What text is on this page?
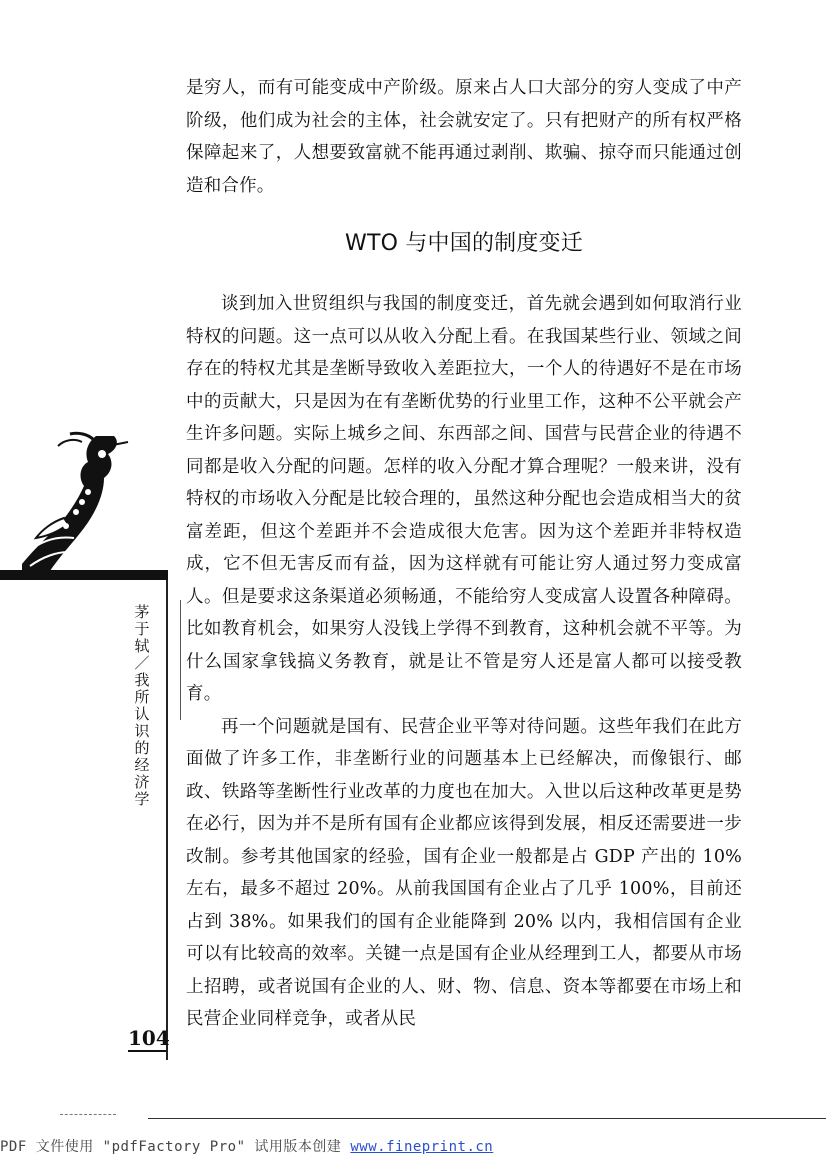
是穷人，而有可能变成中产阶级。原来占人口大部分的穷人变成了中产阶级，他们成为社会的主体，社会就安定了。只有把财产的所有权严格保障起来了，人想要致富就不能再通过剥削、欺骗、掠夺而只能通过创造和合作。

WTO 与中国的制度变迁

谈到加入世贸组织与我国的制度变迁，首先就会遇到如何取消行业特权的问题。这一点可以从收入分配上看。在我国某些行业、领域之间存在的特权尤其是垄断导致收入差距拉大，一个人的待遇好不是在市场中的贡献大，只是因为在有垄断优势的行业里工作，这种不公平就会产生许多问题。实际上城乡之间、东西部之间、国营与民营企业的待遇不同都是收入分配的问题。怎样的收入分配才算合理呢？一般来讲，没有特权的市场收入分配是比较合理的，虽然这种分配也会造成相当大的贫富差距，但这个差距并不会造成很大危害。因为这个差距并非特权造成，它不但无害反而有益，因为这样就有可能让穷人通过努力变成富人。但是要求这条渠道必须畅通，不能给穷人变成富人设置各种障碍。比如教育机会，如果穷人没钱上学得不到教育，这种机会就不平等。为什么国家拿钱搞义务教育，就是让不管是穷人还是富人都可以接受教育。

再一个问题就是国有、民营企业平等对待问题。这些年我们在此方面做了许多工作，非垄断行业的问题基本上已经解决，而像银行、邮政、铁路等垄断性行业改革的力度也在加大。入世以后这种改革更是势在必行，因为并不是所有国有企业都应该得到发展，相反还需要进一步改制。参考其他国家的经验，国有企业一般都是占 GDP 产出的 10% 左右，最多不超过 20%。从前我国国有企业占了几乎 100%，目前还占到 38%。如果我们的国有企业能降到 20% 以内，我相信国有企业可以有比较高的效率。关键一点是国有企业从经理到工人，都要从市场上招聘，或者说国有企业的人、财、物、信息、资本等都要在市场上和民营企业同样竞争，或者从民

茅于轼／我所认识的经济学
104
PDF 文件使用 "pdfFactory Pro" 试用版本创建 www.fineprint.cn
